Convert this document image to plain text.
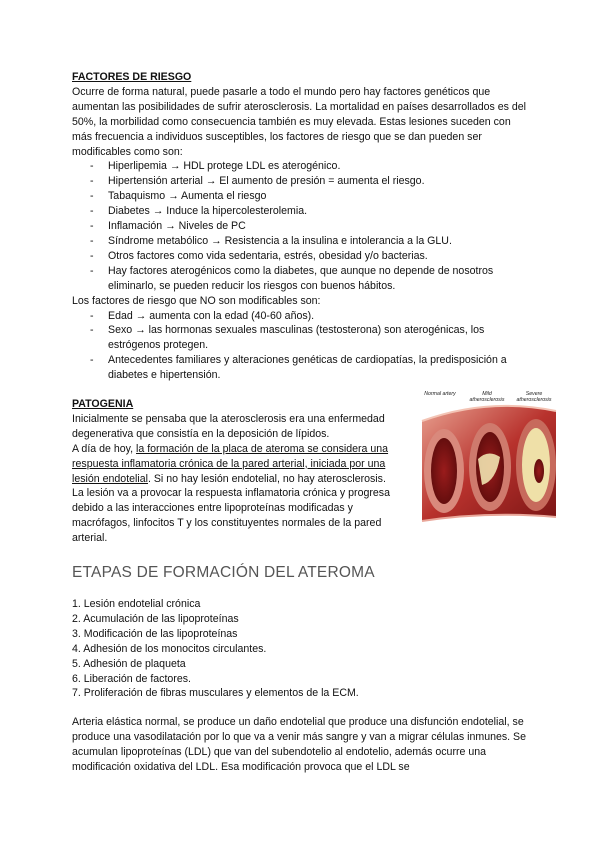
FACTORES DE RIESGO

Ocurre de forma natural, puede pasarle a todo el mundo pero hay factores genéticos que aumentan las posibilidades de sufrir aterosclerosis. La mortalidad en países desarrollados es del 50%, la morbilidad como consecuencia también es muy elevada. Estas lesiones suceden con más frecuencia a individuos susceptibles, los factores de riesgo que se dan pueden ser modificables como son:

- Hiperlipemia → HDL protege LDL es aterogénico.
- Hipertensión arterial → El aumento de presión = aumenta el riesgo.
- Tabaquismo → Aumenta el riesgo
- Diabetes → Induce la hipercolesterolemia.
- Inflamación → Niveles de PC
- Síndrome metabólico → Resistencia a la insulina e intolerancia a la GLU.
- Otros factores como vida sedentaria, estrés, obesidad y/o bacterias.
- Hay factores aterogénicos como la diabetes, que aunque no depende de nosotros eliminarlo, se pueden reducir los riesgos con buenos hábitos.

Los factores de riesgo que NO son modificables son:

- Edad → aumenta con la edad (40-60 años).
- Sexo → las hormonas sexuales masculinas (testosterona) son aterogénicas, los estrógenos protegen.
- Antecedentes familiares y alteraciones genéticas de cardiopatías, la predisposición a diabetes e hipertensión.

PATOGENIA

Inicialmente se pensaba que la aterosclerosis era una enfermedad degenerativa que consistía en la deposición de lípidos.

A día de hoy, la formación de la placa de ateroma se considera una respuesta inflamatoria crónica de la pared arterial, iniciada por una lesión endotelial. Si no hay lesión endotelial, no hay aterosclerosis.

La lesión va a provocar la respuesta inflamatoria crónica y progresa debido a las interacciones entre lipoproteínas modificadas y macrófagos, linfocitos T y los constituyentes normales de la pared arterial.

ETAPAS DE FORMACIÓN DEL ATEROMA
1. Lesión endotelial crónica
2. Acumulación de las lipoproteínas
3. Modificación de las lipoproteínas
4. Adhesión de los monocitos circulantes.
5. Adhesión de plaqueta
6. Liberación de factores.
7. Proliferación de fibras musculares y elementos de la ECM.

Arteria elástica normal, se produce un daño endotelial que produce una disfunción endotelial, se produce una vasodilatación por lo que va a venir más sangre y van a migrar células inmunes. Se acumulan lipoproteínas (LDL) que van del subendotelio al endotelio, además ocurre una modificación oxidativa del LDL. Esa modificación provoca que el LDL se

Normal artery	Mild atherosclerosis
Severe atherosclerosis
